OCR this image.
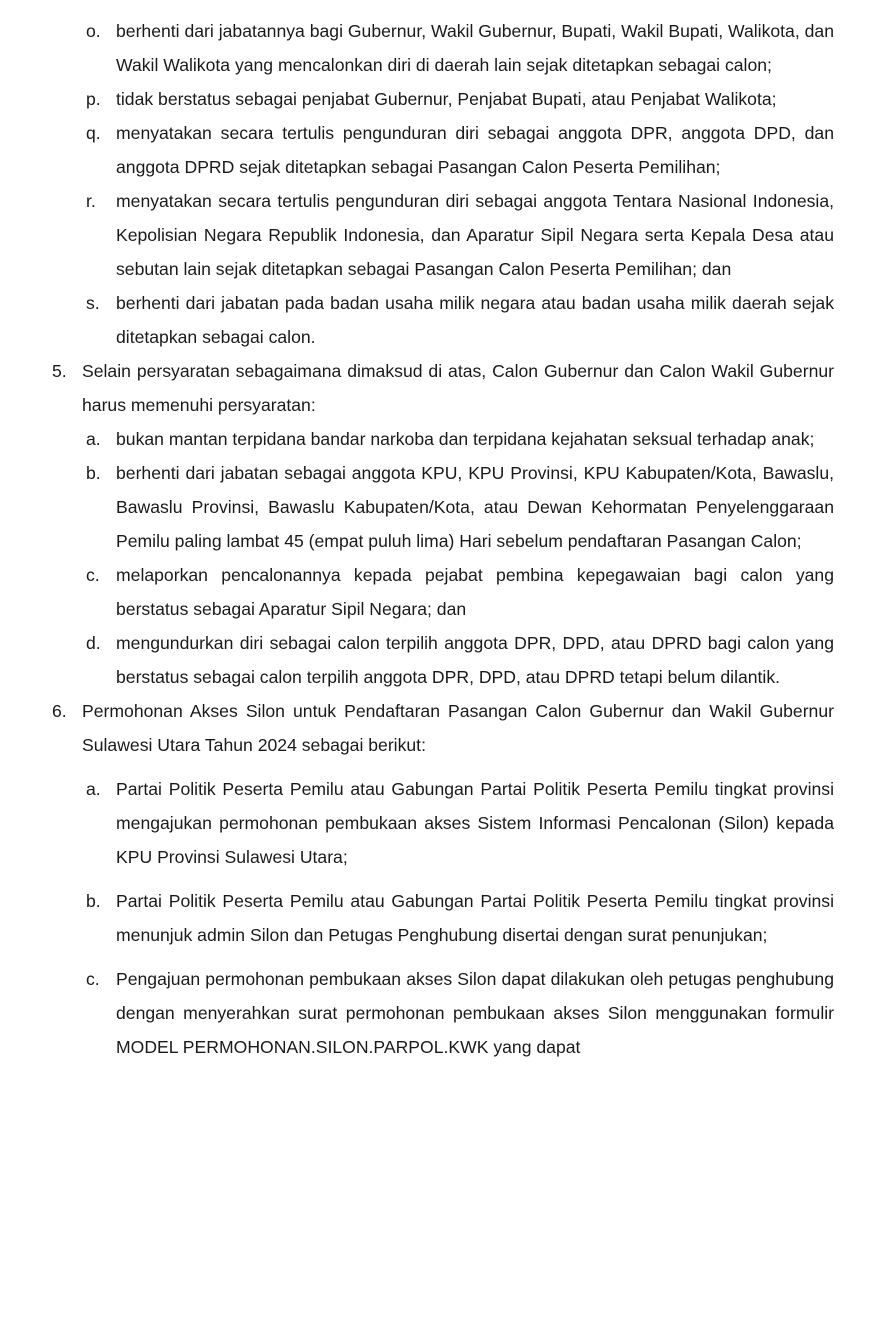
o. berhenti dari jabatannya bagi Gubernur, Wakil Gubernur, Bupati, Wakil Bupati, Walikota, dan Wakil Walikota yang mencalonkan diri di daerah lain sejak ditetapkan sebagai calon;
p. tidak berstatus sebagai penjabat Gubernur, Penjabat Bupati, atau Penjabat Walikota;
q. menyatakan secara tertulis pengunduran diri sebagai anggota DPR, anggota DPD, dan anggota DPRD sejak ditetapkan sebagai Pasangan Calon Peserta Pemilihan;
r. menyatakan secara tertulis pengunduran diri sebagai anggota Tentara Nasional Indonesia, Kepolisian Negara Republik Indonesia, dan Aparatur Sipil Negara serta Kepala Desa atau sebutan lain sejak ditetapkan sebagai Pasangan Calon Peserta Pemilihan; dan
s. berhenti dari jabatan pada badan usaha milik negara atau badan usaha milik daerah sejak ditetapkan sebagai calon.
5. Selain persyaratan sebagaimana dimaksud di atas, Calon Gubernur dan Calon Wakil Gubernur harus memenuhi persyaratan:
a. bukan mantan terpidana bandar narkoba dan terpidana kejahatan seksual terhadap anak;
b. berhenti dari jabatan sebagai anggota KPU, KPU Provinsi, KPU Kabupaten/Kota, Bawaslu, Bawaslu Provinsi, Bawaslu Kabupaten/Kota, atau Dewan Kehormatan Penyelenggaraan Pemilu paling lambat 45 (empat puluh lima) Hari sebelum pendaftaran Pasangan Calon;
c. melaporkan pencalonannya kepada pejabat pembina kepegawaian bagi calon yang berstatus sebagai Aparatur Sipil Negara; dan
d. mengundurkan diri sebagai calon terpilih anggota DPR, DPD, atau DPRD bagi calon yang berstatus sebagai calon terpilih anggota DPR, DPD, atau DPRD tetapi belum dilantik.
6. Permohonan Akses Silon untuk Pendaftaran Pasangan Calon Gubernur dan Wakil Gubernur Sulawesi Utara Tahun 2024 sebagai berikut:
a. Partai Politik Peserta Pemilu atau Gabungan Partai Politik Peserta Pemilu tingkat provinsi mengajukan permohonan pembukaan akses Sistem Informasi Pencalonan (Silon) kepada KPU Provinsi Sulawesi Utara;
b. Partai Politik Peserta Pemilu atau Gabungan Partai Politik Peserta Pemilu tingkat provinsi menunjuk admin Silon dan Petugas Penghubung disertai dengan surat penunjukan;
c. Pengajuan permohonan pembukaan akses Silon dapat dilakukan oleh petugas penghubung dengan menyerahkan surat permohonan pembukaan akses Silon menggunakan formulir MODEL PERMOHONAN.SILON.PARPOL.KWK yang dapat
